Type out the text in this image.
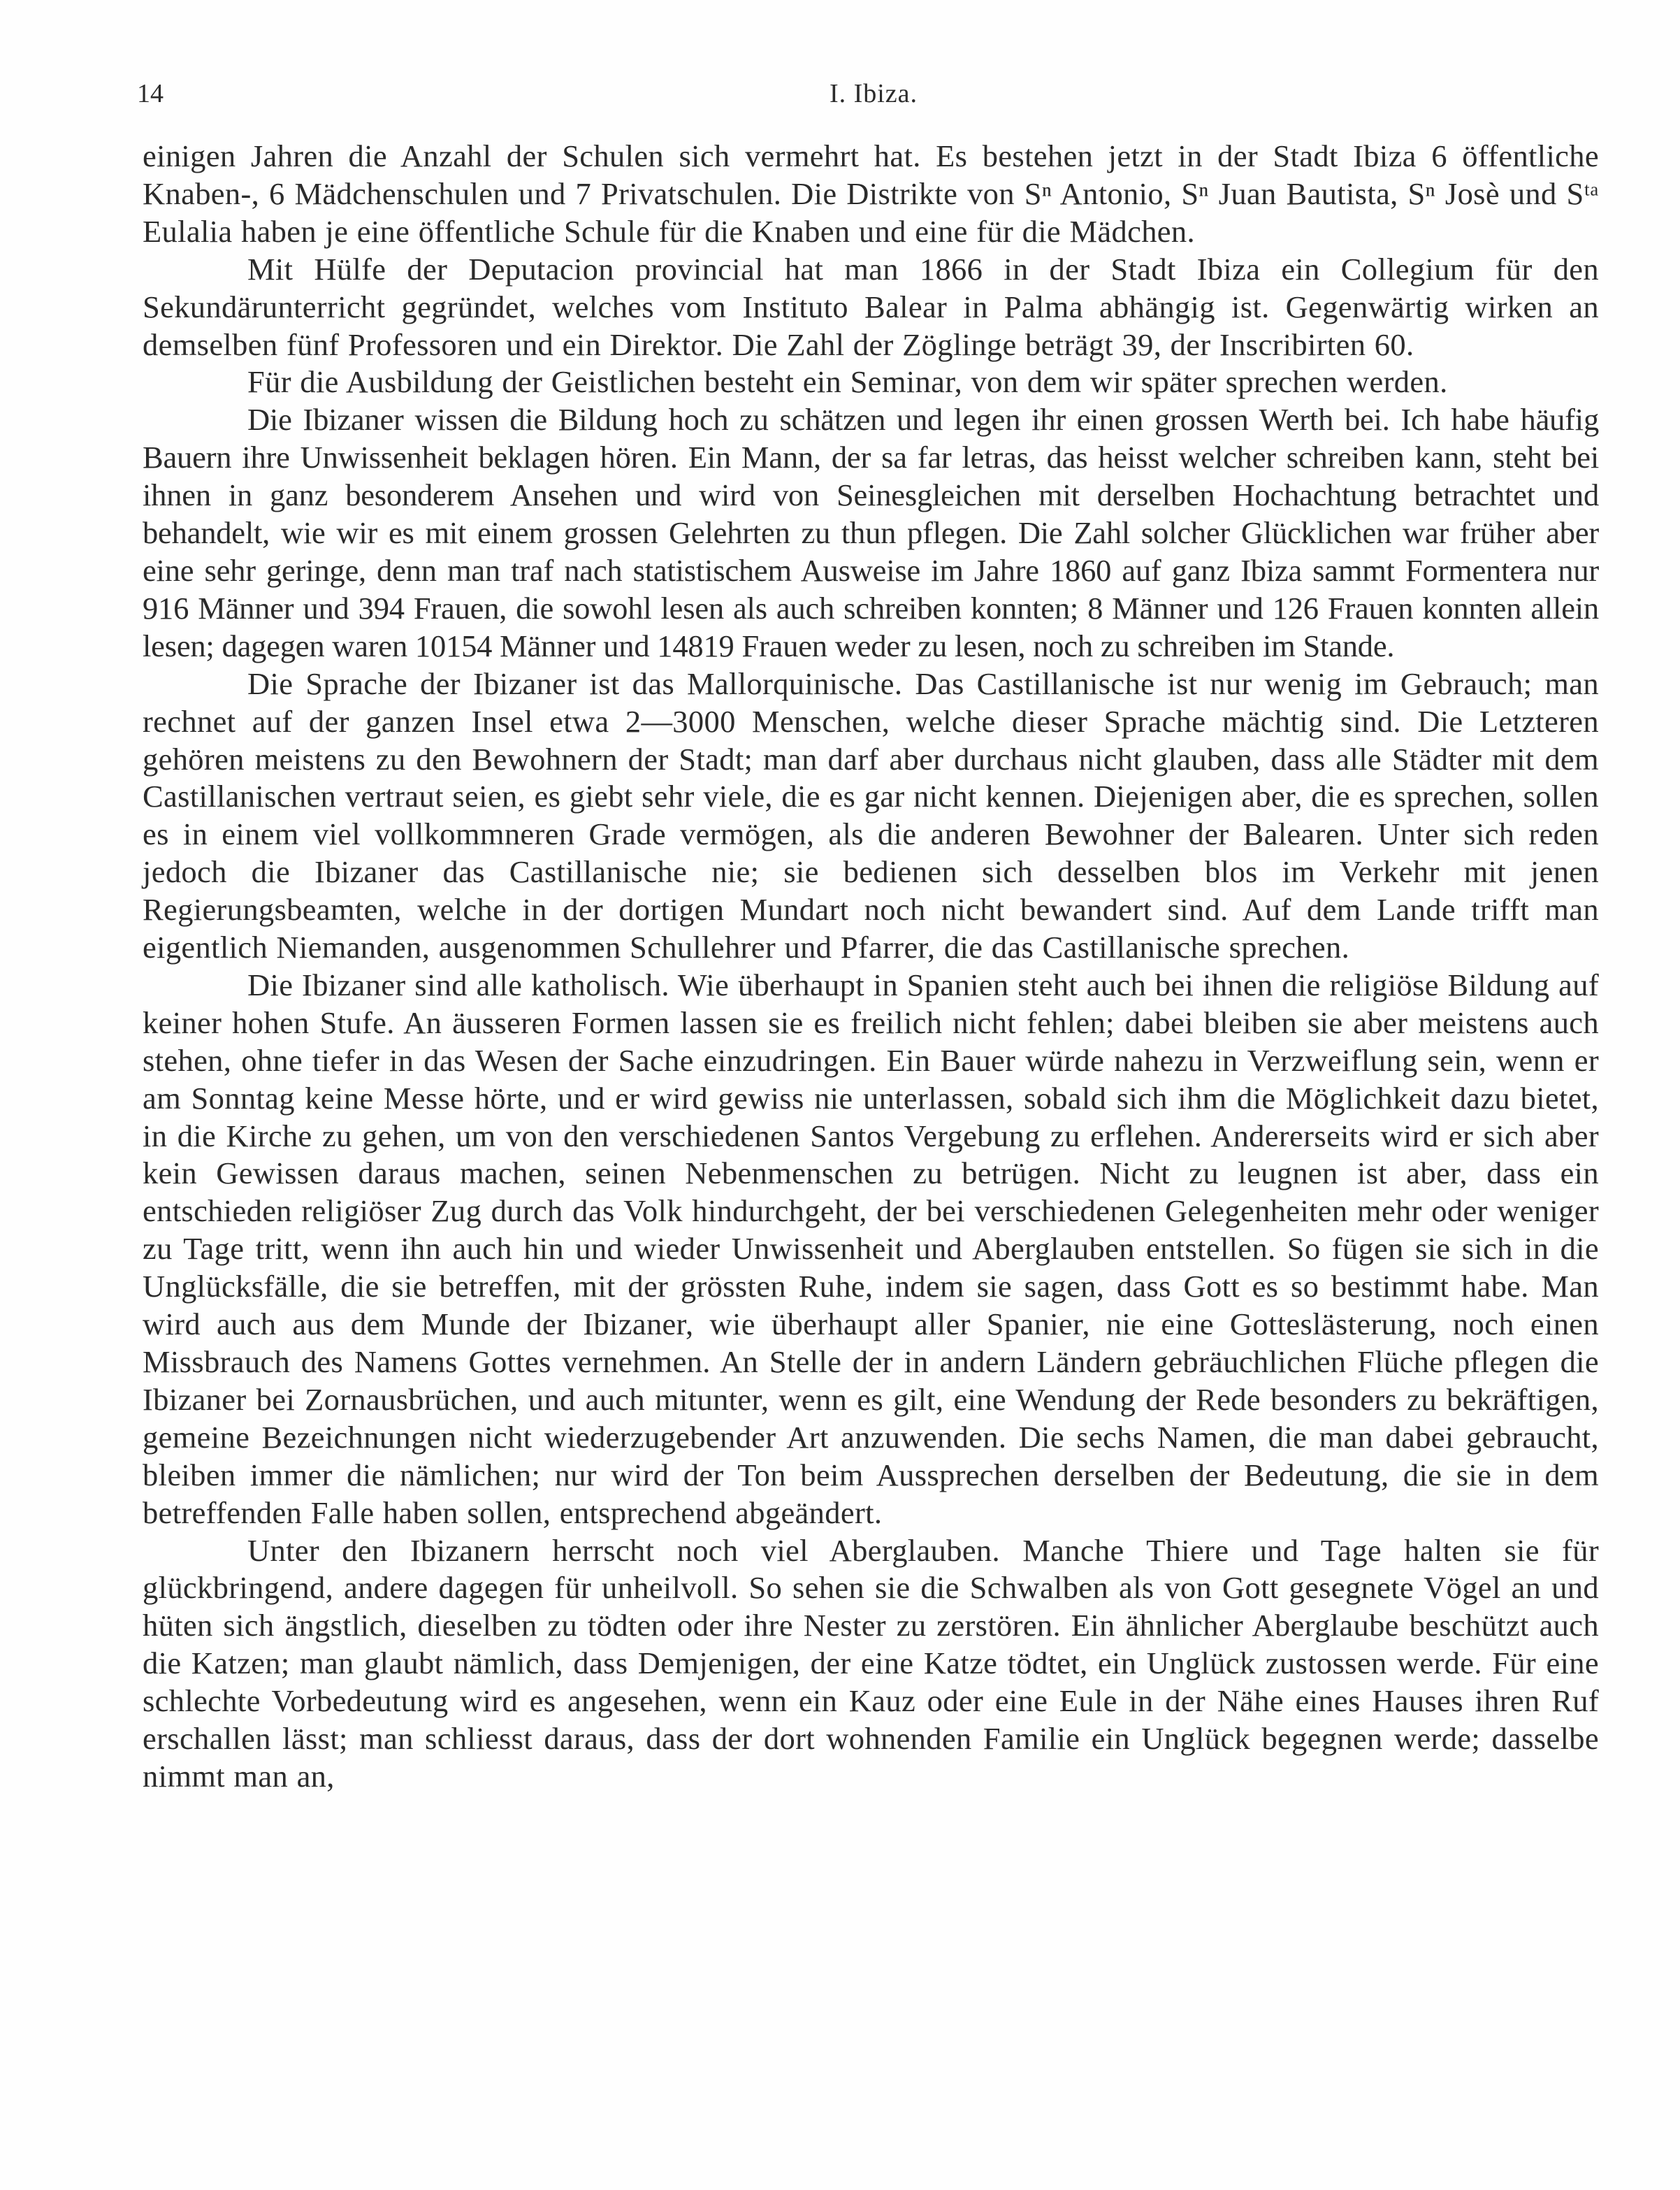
14	I. Ibiza.

einigen Jahren die Anzahl der Schulen sich vermehrt hat. Es bestehen jetzt in der Stadt Ibiza 6 öffentliche Knaben-, 6 Mädchenschulen und 7 Privatschulen. Die Distrikte von Sⁿ Antonio, Sⁿ Juan Bautista, Sⁿ Josè und Sᵗᵃ Eulalia haben je eine öffentliche Schule für die Knaben und eine für die Mädchen.

Mit Hülfe der Deputacion provincial hat man 1866 in der Stadt Ibiza ein Collegium für den Sekundärunterricht gegründet, welches vom Instituto Balear in Palma abhängig ist. Gegenwärtig wirken an demselben fünf Professoren und ein Direktor. Die Zahl der Zöglinge beträgt 39, der Inscribirten 60.

Für die Ausbildung der Geistlichen besteht ein Seminar, von dem wir später sprechen werden.

Die Ibizaner wissen die Bildung hoch zu schätzen und legen ihr einen grossen Werth bei. Ich habe häufig Bauern ihre Unwissenheit beklagen hören. Ein Mann, der sa far letras, das heisst welcher schreiben kann, steht bei ihnen in ganz besonderem Ansehen und wird von Seinesgleichen mit derselben Hochachtung betrachtet und behandelt, wie wir es mit einem grossen Gelehrten zu thun pflegen. Die Zahl solcher Glücklichen war früher aber eine sehr geringe, denn man traf nach statistischem Ausweise im Jahre 1860 auf ganz Ibiza sammt Formentera nur 916 Männer und 394 Frauen, die sowohl lesen als auch schreiben konnten; 8 Männer und 126 Frauen konnten allein lesen; dagegen waren 10154 Männer und 14819 Frauen weder zu lesen, noch zu schreiben im Stande.

Die Sprache der Ibizaner ist das Mallorquinische. Das Castillanische ist nur wenig im Gebrauch; man rechnet auf der ganzen Insel etwa 2—3000 Menschen, welche dieser Sprache mächtig sind. Die Letzteren gehören meistens zu den Bewohnern der Stadt; man darf aber durchaus nicht glauben, dass alle Städter mit dem Castillanischen vertraut seien, es giebt sehr viele, die es gar nicht kennen. Diejenigen aber, die es sprechen, sollen es in einem viel vollkommneren Grade vermögen, als die anderen Bewohner der Balearen. Unter sich reden jedoch die Ibizaner das Castillanische nie; sie bedienen sich desselben blos im Verkehr mit jenen Regierungsbeamten, welche in der dortigen Mundart noch nicht bewandert sind. Auf dem Lande trifft man eigentlich Niemanden, ausgenommen Schullehrer und Pfarrer, die das Castillanische sprechen.

Die Ibizaner sind alle katholisch. Wie überhaupt in Spanien steht auch bei ihnen die religiöse Bildung auf keiner hohen Stufe. An äusseren Formen lassen sie es freilich nicht fehlen; dabei bleiben sie aber meistens auch stehen, ohne tiefer in das Wesen der Sache einzudringen. Ein Bauer würde nahezu in Verzweiflung sein, wenn er am Sonntag keine Messe hörte, und er wird gewiss nie unterlassen, sobald sich ihm die Möglichkeit dazu bietet, in die Kirche zu gehen, um von den verschiedenen Santos Vergebung zu erflehen. Andererseits wird er sich aber kein Gewissen daraus machen, seinen Nebenmenschen zu betrügen. Nicht zu leugnen ist aber, dass ein entschieden religiöser Zug durch das Volk hindurchgeht, der bei verschiedenen Gelegenheiten mehr oder weniger zu Tage tritt, wenn ihn auch hin und wieder Unwissenheit und Aberglauben entstellen. So fügen sie sich in die Unglücksfälle, die sie betreffen, mit der grössten Ruhe, indem sie sagen, dass Gott es so bestimmt habe. Man wird auch aus dem Munde der Ibizaner, wie überhaupt aller Spanier, nie eine Gotteslästerung, noch einen Missbrauch des Namens Gottes vernehmen. An Stelle der in andern Ländern gebräuchlichen Flüche pflegen die Ibizaner bei Zornausbrüchen, und auch mitunter, wenn es gilt, eine Wendung der Rede besonders zu bekräftigen, gemeine Bezeichnungen nicht wiederzugebender Art anzuwenden. Die sechs Namen, die man dabei gebraucht, bleiben immer die nämlichen; nur wird der Ton beim Aussprechen derselben der Bedeutung, die sie in dem betreffenden Falle haben sollen, entsprechend abgeändert.

Unter den Ibizanern herrscht noch viel Aberglauben. Manche Thiere und Tage halten sie für glückbringend, andere dagegen für unheilvoll. So sehen sie die Schwalben als von Gott gesegnete Vögel an und hüten sich ängstlich, dieselben zu tödten oder ihre Nester zu zerstören. Ein ähnlicher Aberglaube beschützt auch die Katzen; man glaubt nämlich, dass Demjenigen, der eine Katze tödtet, ein Unglück zustossen werde. Für eine schlechte Vorbedeutung wird es angesehen, wenn ein Kauz oder eine Eule in der Nähe eines Hauses ihren Ruf erschallen lässt; man schliesst daraus, dass der dort wohnenden Familie ein Unglück begegnen werde; dasselbe nimmt man an,
